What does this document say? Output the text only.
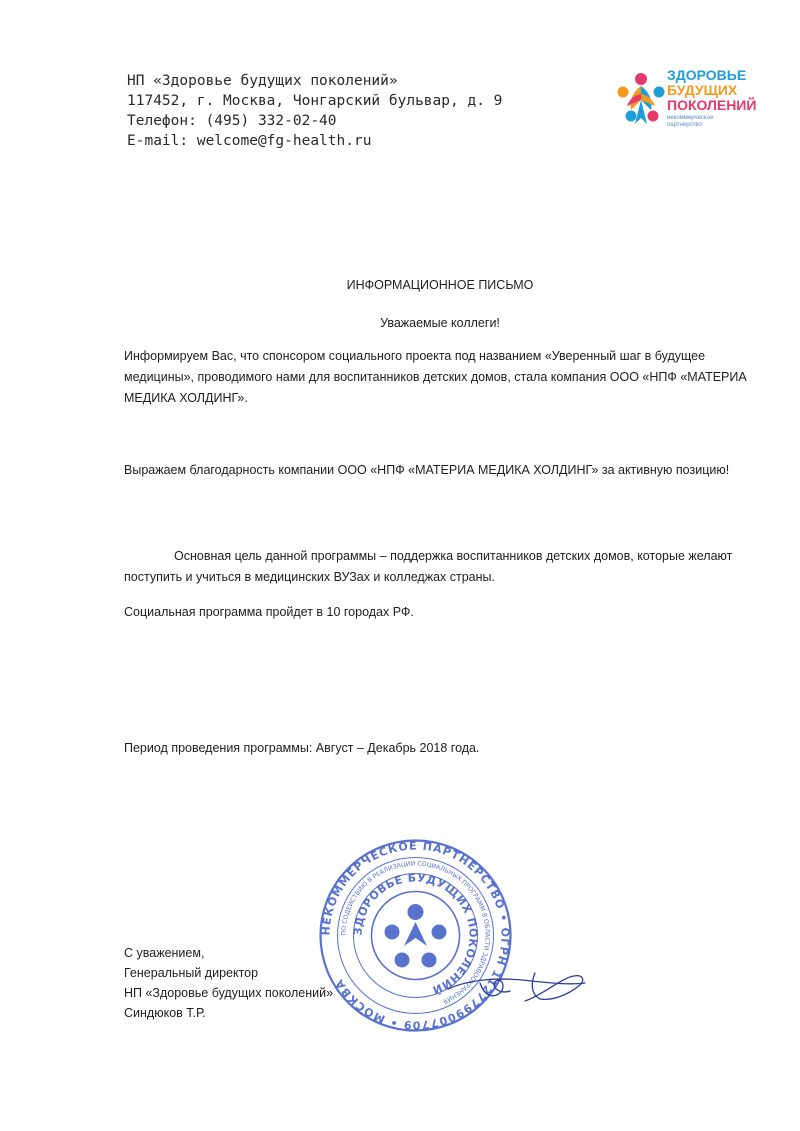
НП «Здоровье будущих поколений»
117452, г. Москва, Чонгарский бульвар, д. 9
Телефон: (495) 332-02-40
E-mail: welcome@fg-health.ru
ЗДОРОВЬЕ
БУДУЩИХ
ПОКОЛЕНИЙ
некоммерческое
партнерство
ИНФОРМАЦИОННОЕ ПИСЬМО
Уважаемые коллеги!
Информируем Вас, что спонсором социального проекта под названием «Уверенный шаг в будущее медицины», проводимого нами для воспитанников детских домов, стала компания ООО «НПФ «МАТЕРИА МЕДИКА ХОЛДИНГ».
Выражаем благодарность компании ООО «НПФ «МАТЕРИА МЕДИКА ХОЛДИНГ» за активную позицию!
Основная цель данной программы – поддержка воспитанников детских домов, которые желают поступить и учиться в медицинских ВУЗах и колледжах страны.
Социальная программа пройдет в 10 городах РФ.
Период проведения программы: Август – Декабрь 2018 года.
НЕКОММЕРЧЕСКОЕ ПАРТНЕРСТВО • ОГРН 1127799007709 • МОСКВА
ПО СОДЕЙСТВИЮ В РЕАЛИЗАЦИИ СОЦИАЛЬНЫХ ПРОГРАММ В ОБЛАСТИ ЗДРАВООХРАНЕНИЯ
ЗДОРОВЬЕ БУДУЩИХ ПОКОЛЕНИЙ
С уважением,
Генеральный директор
НП «Здоровье будущих поколений»
Синдюков Т.Р.
